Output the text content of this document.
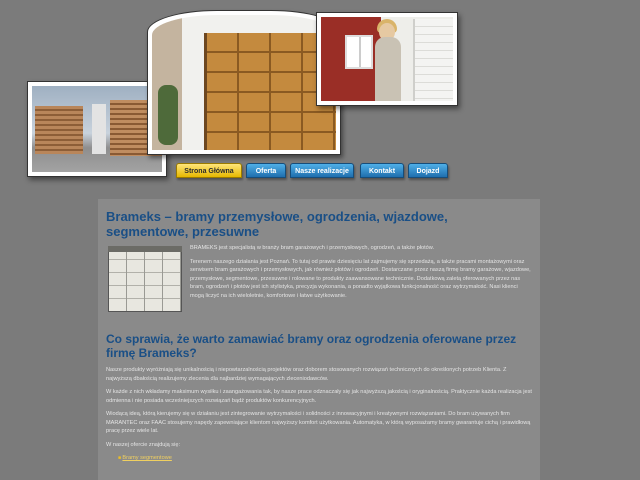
Strona Główna	Oferta	Nasze realizacje	Kontakt	Dojazd
Brameks – bramy przemysłowe, ogrodzenia, wjazdowe, segmentowe, przesuwne

BRAMEKS jest specjalistą w branży bram garażowych i przemysłowych, ogrodzeń, a także płotów.

Terenem naszego działania jest Poznań. To tutaj od prawie dziesięciu lat zajmujemy się sprzedażą, a także pracami montażowymi oraz serwisem bram garażowych i przemysłowych, jak również płotów i ogrodzeń. Dostarczane przez naszą firmę bramy garażowe, wjazdowe, przemysłowe, segmentowe, przesuwne i rolowane to produkty zaawansowane technicznie. Dodatkową zaletą oferowanych przez nas bram, ogrodzeń i płotów jest ich stylistyka, precyzja wykonania, a ponadto wyjątkowa funkcjonalność oraz wytrzymałość. Nasi klienci mogą liczyć na ich wieloletnie, komfortowe i łatwe użytkowanie.

Co sprawia, że warto zamawiać bramy oraz ogrodzenia oferowane przez firmę Brameks?

Nasze produkty wyróżniają się unikalnością i niepowtarzalnością projektów oraz doborem stosowanych rozwiązań technicznych do określonych potrzeb Klienta. Z najwyższą dbałością realizujemy zlecenia dla najbardziej wymagających zleceniodawców.

W każde z nich wkładamy maksimum wysiłku i zaangażowania tak, by nasze prace odznaczały się jak najwyższą jakością i oryginalnością. Praktycznie każda realizacja jest odmienna i nie posiada wcześniejszych rozwiązań bądź produktów konkurencyjnych.

Wiodącą ideą, którą kierujemy się w działaniu jest zintegrowanie wytrzymałości i solidności z innowacyjnymi i kreatywnymi rozwiązaniami. Do bram używanych firm MARANTEC oraz FAAC stosujemy napędy zapewniające klientom najwyższy komfort użytkowania. Automatyka, w którą wyposażamy bramy gwarantuje cichą i prawidłową pracę przez wiele lat.

W naszej ofercie znajdują się:

■ Bramy segmentowe
